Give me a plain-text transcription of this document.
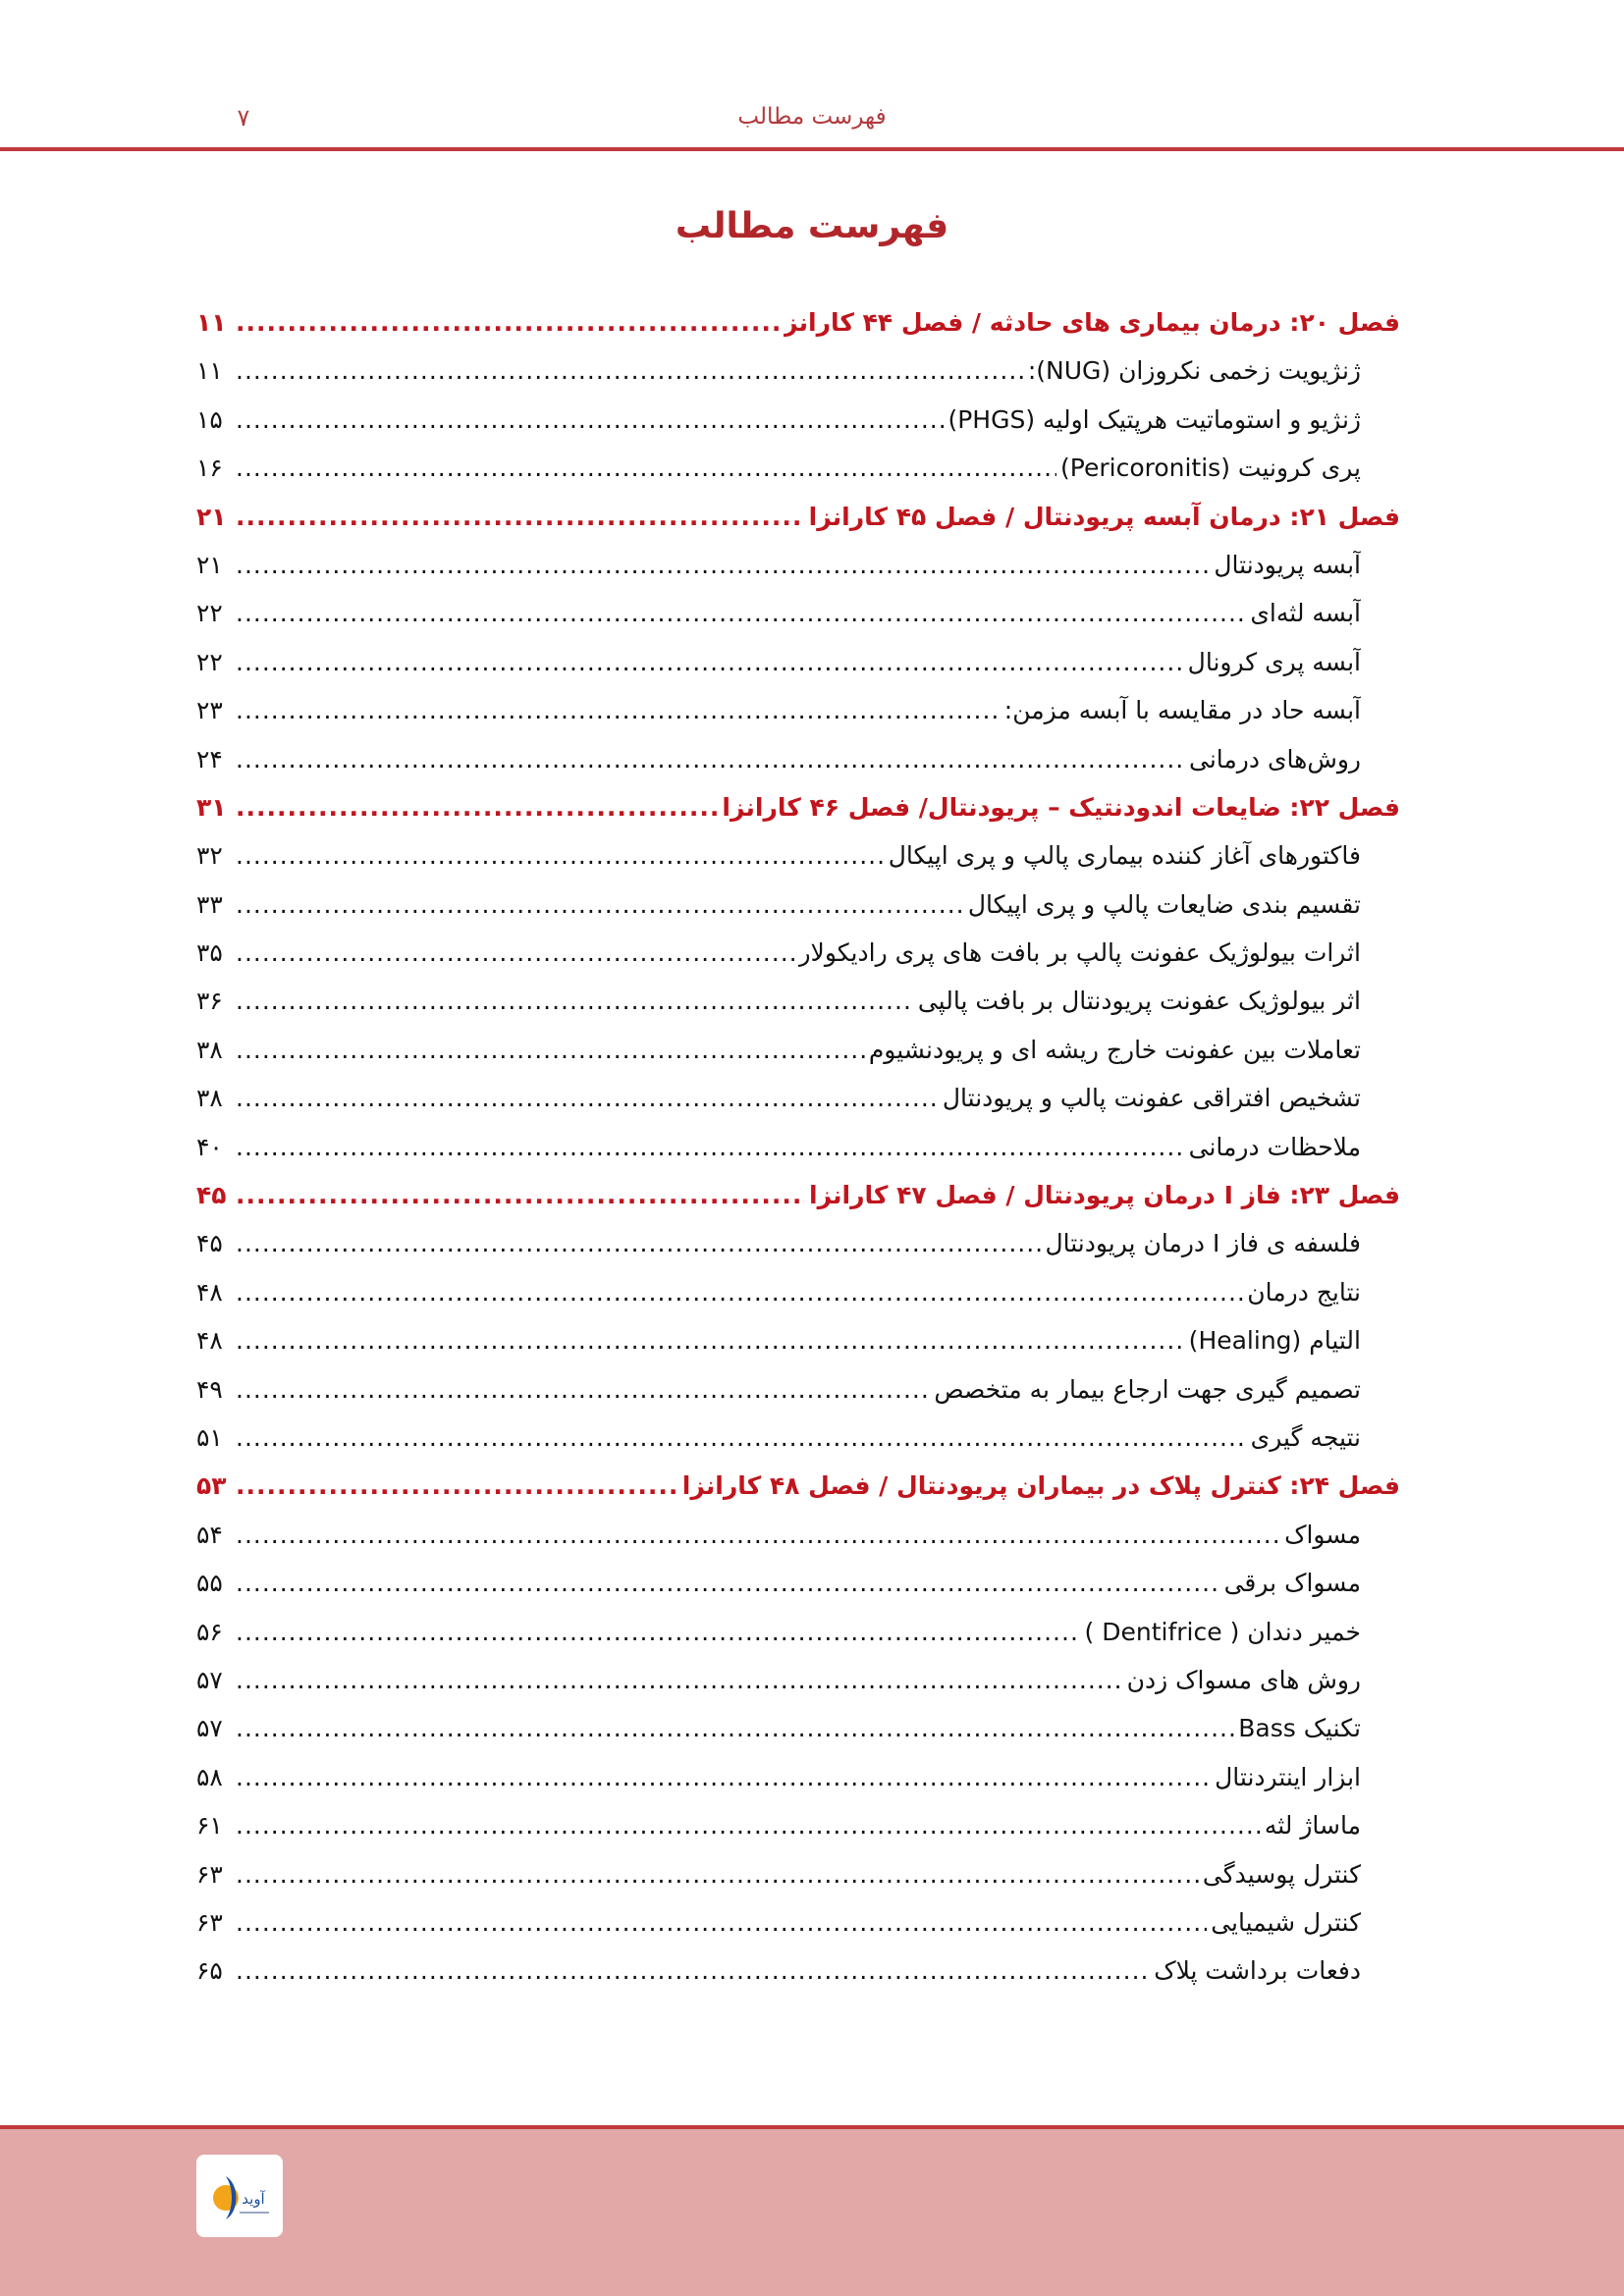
فهرست مطالب
۷
فهرست مطالب
فصل ۲۰: درمان بیماری های حادثه / فصل ۴۴ کارانز
.....
۱۱
ژنژیویت زخمی نکروزان (NUG):
.....
۱۱
ژنژیو و استوماتیت هرپتیک اولیه (PHGS)
.....
۱۵
پری کرونیت (Pericoronitis)
.....
۱۶
فصل ۲۱: درمان آبسه پریودنتال / فصل ۴۵ کارانزا
.....
۲۱
آبسه پریودنتال
.....
۲۱
آبسه لثه‌ای
.....
۲۲
آبسه پری کرونال
.....
۲۲
آبسه حاد در مقایسه با آبسه مزمن:
.....
۲۳
روش‌های درمانی
.....
۲۴
فصل ۲۲: ضایعات اندودنتیک – پریودنتال/ فصل ۴۶ کارانزا
.....
۳۱
فاکتورهای آغاز کننده بیماری پالپ و پری اپیکال
.....
۳۲
تقسیم بندی ضایعات پالپ و پری اپیکال
.....
۳۳
اثرات بیولوژیک عفونت پالپ بر بافت های پری رادیکولار
.....
۳۵
اثر بیولوژیک عفونت پریودنتال بر بافت پالپی
.....
۳۶
تعاملات بین عفونت خارج ریشه ای و پریودنشیوم
.....
۳۸
تشخیص افتراقی عفونت پالپ و پریودنتال
.....
۳۸
ملاحظات درمانی
.....
۴۰
فصل ۲۳: فاز I درمان پریودنتال / فصل ۴۷ کارانزا
.....
۴۵
فلسفه ی فاز I درمان پریودنتال
.....
۴۵
نتایج درمان
.....
۴۸
التیام (Healing)
.....
۴۸
تصمیم گیری جهت ارجاع بیمار به متخصص
.....
۴۹
نتیجه گیری
.....
۵۱
فصل ۲۴: کنترل پلاک در بیماران پریودنتال / فصل ۴۸ کارانزا
.....
۵۳
مسواک
.....
۵۴
مسواک برقی
.....
۵۵
خمیر دندان ( Dentifrice )
.....
۵۶
روش های مسواک زدن
.....
۵۷
تکنیک Bass
.....
۵۷
ابزار اینتردنتال
.....
۵۸
ماساژ لثه
.....
۶۱
کنترل پوسیدگی
.....
۶۳
کنترل شیمیایی
.....
۶۳
دفعات برداشت پلاک
.....
۶۵
آوید
